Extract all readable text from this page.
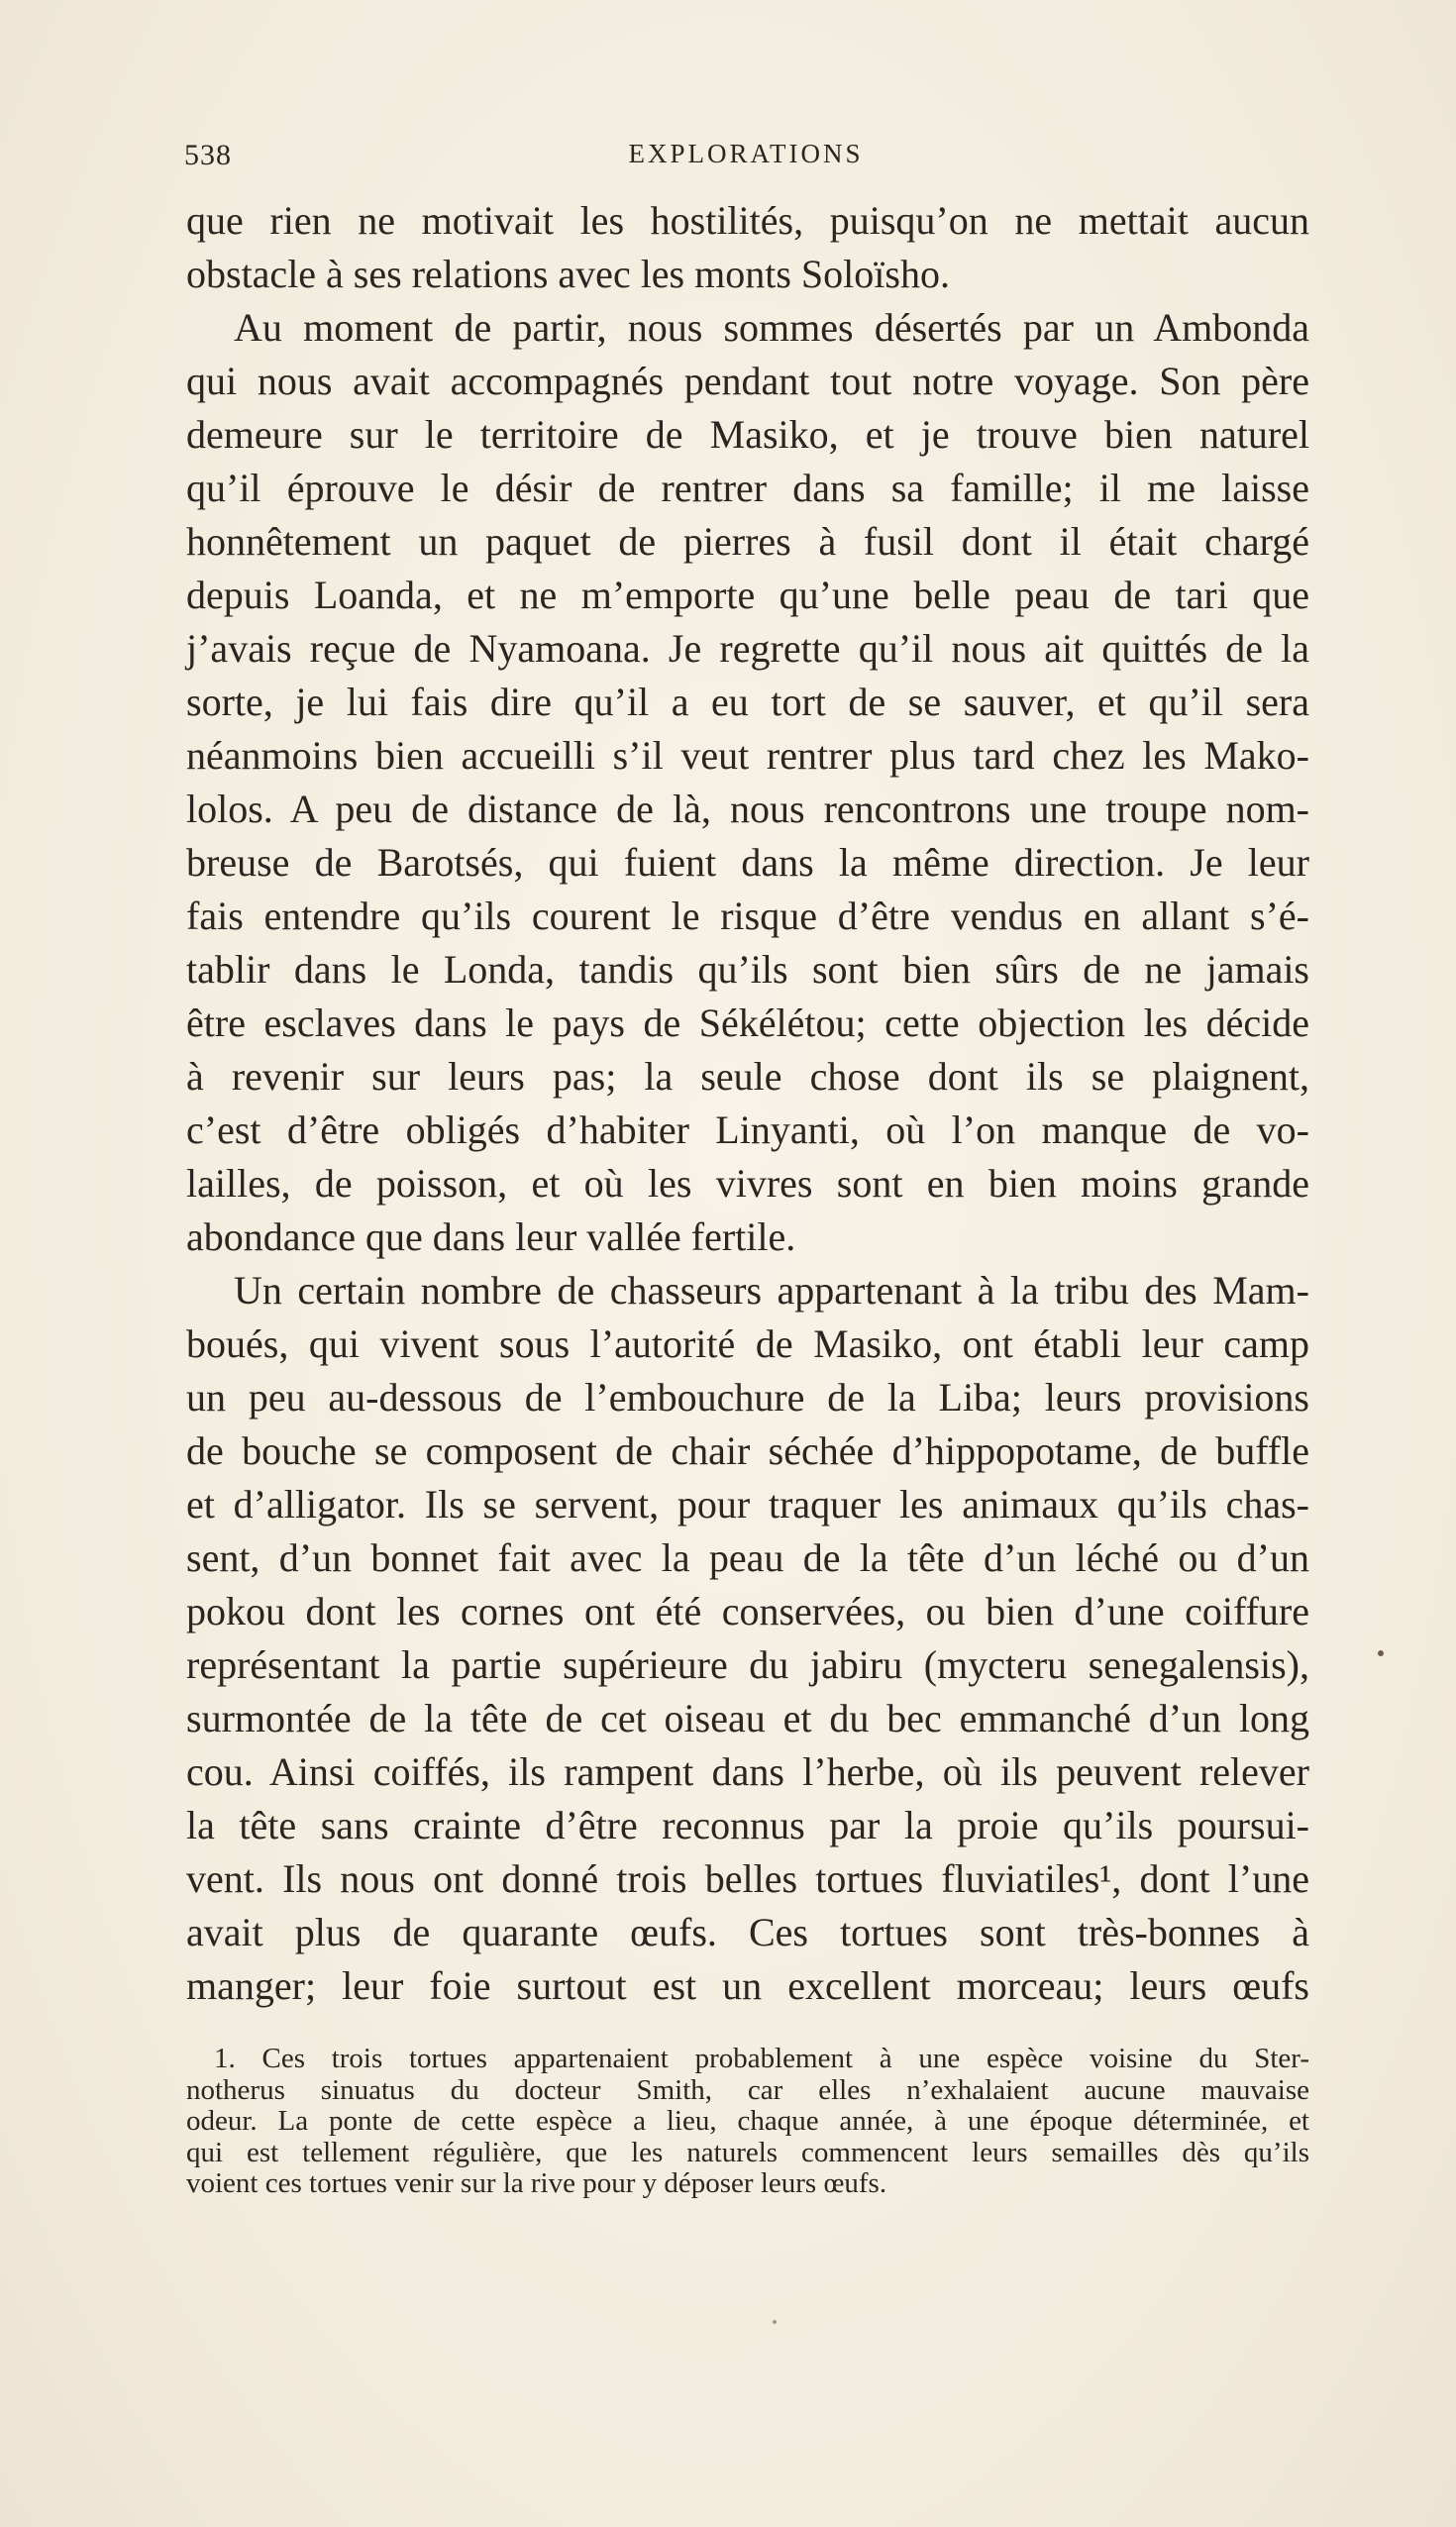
538	EXPLORATIONS
que rien ne motivait les hostilités, puisqu’on ne mettait aucun
obstacle à ses relations avec les monts Soloïsho.
Au moment de partir, nous sommes désertés par un Ambonda
qui nous avait accompagnés pendant tout notre voyage. Son père
demeure sur le territoire de Masiko, et je trouve bien naturel
qu’il éprouve le désir de rentrer dans sa famille; il me laisse
honnêtement un paquet de pierres à fusil dont il était chargé
depuis Loanda, et ne m’emporte qu’une belle peau de tari que
j’avais reçue de Nyamoana. Je regrette qu’il nous ait quittés de la
sorte, je lui fais dire qu’il a eu tort de se sauver, et qu’il sera
néanmoins bien accueilli s’il veut rentrer plus tard chez les Mako-
lolos. A peu de distance de là, nous rencontrons une troupe nom-
breuse de Barotsés, qui fuient dans la même direction. Je leur
fais entendre qu’ils courent le risque d’être vendus en allant s’é-
tablir dans le Londa, tandis qu’ils sont bien sûrs de ne jamais
être esclaves dans le pays de Sékélétou; cette objection les décide
à revenir sur leurs pas; la seule chose dont ils se plaignent,
c’est d’être obligés d’habiter Linyanti, où l’on manque de vo-
lailles, de poisson, et où les vivres sont en bien moins grande
abondance que dans leur vallée fertile.
Un certain nombre de chasseurs appartenant à la tribu des Mam-
boués, qui vivent sous l’autorité de Masiko, ont établi leur camp
un peu au-dessous de l’embouchure de la Liba; leurs provisions
de bouche se composent de chair séchée d’hippopotame, de buffle
et d’alligator. Ils se servent, pour traquer les animaux qu’ils chas-
sent, d’un bonnet fait avec la peau de la tête d’un léché ou d’un
pokou dont les cornes ont été conservées, ou bien d’une coiffure
représentant la partie supérieure du jabiru (mycteru senegalensis),
surmontée de la tête de cet oiseau et du bec emmanché d’un long
cou. Ainsi coiffés, ils rampent dans l’herbe, où ils peuvent relever
la tête sans crainte d’être reconnus par la proie qu’ils poursui-
vent. Ils nous ont donné trois belles tortues fluviatiles¹, dont l’une
avait plus de quarante œufs. Ces tortues sont très-bonnes à
manger; leur foie surtout est un excellent morceau; leurs œufs
1. Ces trois tortues appartenaient probablement à une espèce voisine du Ster-
notherus sinuatus du docteur Smith, car elles n’exhalaient aucune mauvaise
odeur. La ponte de cette espèce a lieu, chaque année, à une époque déterminée, et
qui est tellement régulière, que les naturels commencent leurs semailles dès qu’ils
voient ces tortues venir sur la rive pour y déposer leurs œufs.
